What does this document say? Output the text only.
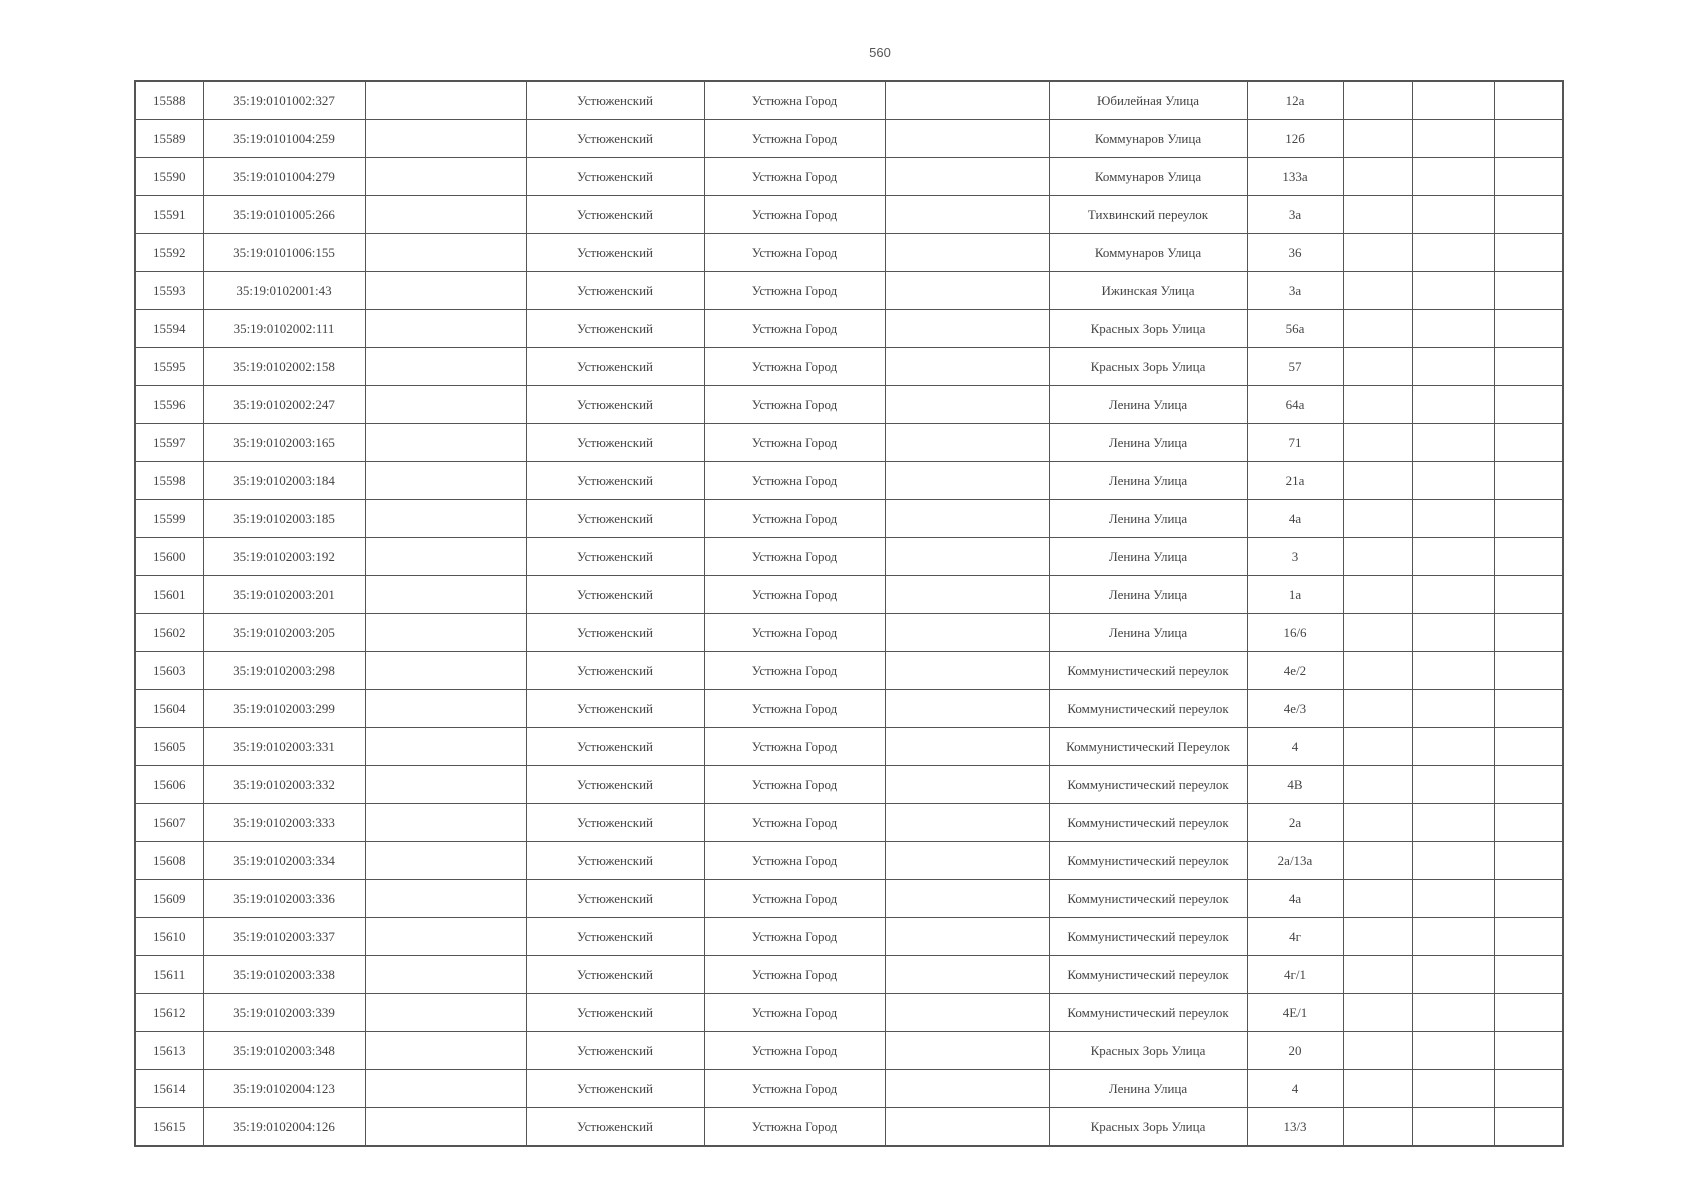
560
15588	35:19:0101002:327		Устюженский	Устюжна Город		Юбилейная Улица	12а			
15589	35:19:0101004:259		Устюженский	Устюжна Город		Коммунаров Улица	12б			
15590	35:19:0101004:279		Устюженский	Устюжна Город		Коммунаров Улица	133а			
15591	35:19:0101005:266		Устюженский	Устюжна Город		Тихвинский переулок	3а			
15592	35:19:0101006:155		Устюженский	Устюжна Город		Коммунаров Улица	36			
15593	35:19:0102001:43		Устюженский	Устюжна Город		Ижинская Улица	3а			
15594	35:19:0102002:111		Устюженский	Устюжна Город		Красных Зорь Улица	56а			
15595	35:19:0102002:158		Устюженский	Устюжна Город		Красных Зорь Улица	57			
15596	35:19:0102002:247		Устюженский	Устюжна Город		Ленина Улица	64а			
15597	35:19:0102003:165		Устюженский	Устюжна Город		Ленина Улица	71			
15598	35:19:0102003:184		Устюженский	Устюжна Город		Ленина Улица	21а			
15599	35:19:0102003:185		Устюженский	Устюжна Город		Ленина Улица	4а			
15600	35:19:0102003:192		Устюженский	Устюжна Город		Ленина Улица	3			
15601	35:19:0102003:201		Устюженский	Устюжна Город		Ленина Улица	1а			
15602	35:19:0102003:205		Устюженский	Устюжна Город		Ленина Улица	16/6			
15603	35:19:0102003:298		Устюженский	Устюжна Город		Коммунистический переулок	4е/2			
15604	35:19:0102003:299		Устюженский	Устюжна Город		Коммунистический переулок	4е/3			
15605	35:19:0102003:331		Устюженский	Устюжна Город		Коммунистический Переулок	4			
15606	35:19:0102003:332		Устюженский	Устюжна Город		Коммунистический переулок	4В			
15607	35:19:0102003:333		Устюженский	Устюжна Город		Коммунистический переулок	2а			
15608	35:19:0102003:334		Устюженский	Устюжна Город		Коммунистический переулок	2а/13а			
15609	35:19:0102003:336		Устюженский	Устюжна Город		Коммунистический переулок	4а			
15610	35:19:0102003:337		Устюженский	Устюжна Город		Коммунистический переулок	4г			
15611	35:19:0102003:338		Устюженский	Устюжна Город		Коммунистический переулок	4г/1			
15612	35:19:0102003:339		Устюженский	Устюжна Город		Коммунистический переулок	4Е/1			
15613	35:19:0102003:348		Устюженский	Устюжна Город		Красных Зорь Улица	20			
15614	35:19:0102004:123		Устюженский	Устюжна Город		Ленина Улица	4			
15615	35:19:0102004:126		Устюженский	Устюжна Город		Красных Зорь Улица	13/3			
